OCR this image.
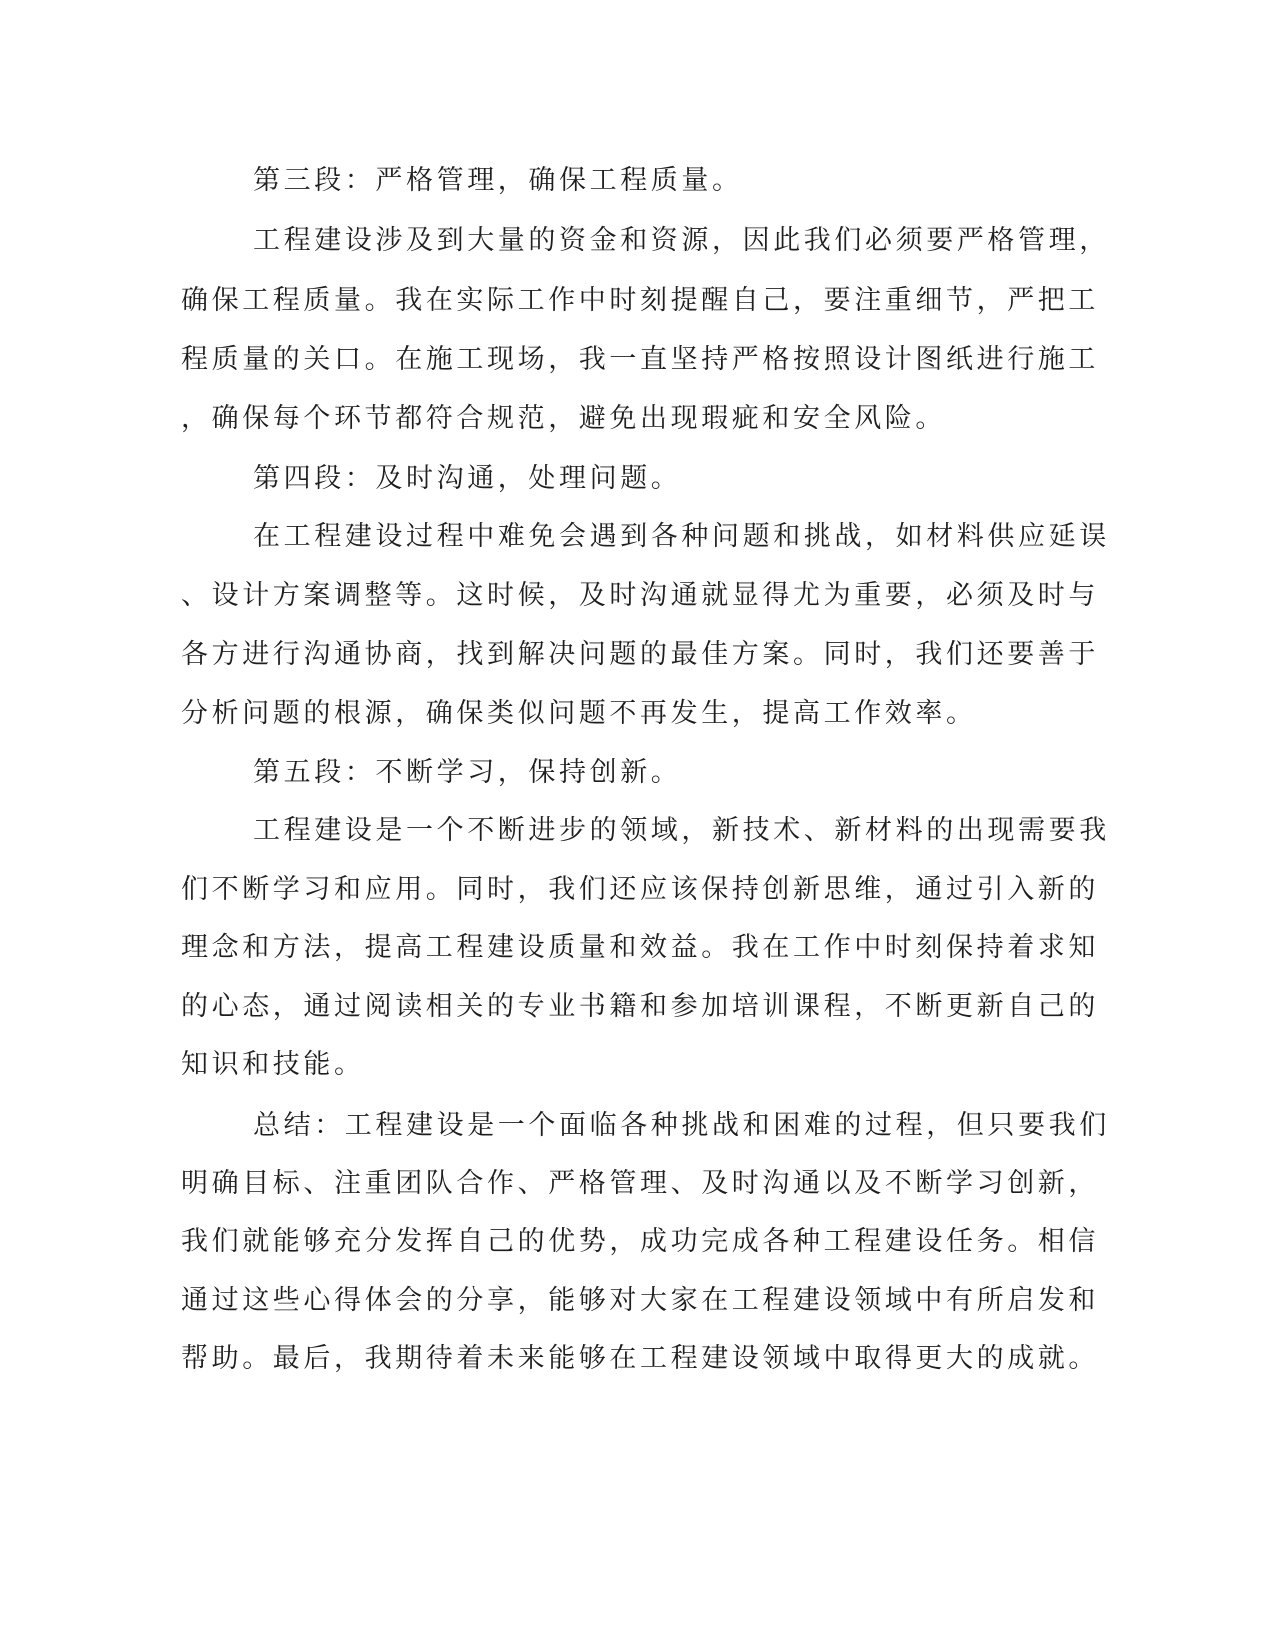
第三段：严格管理，确保工程质量。
工程建设涉及到大量的资金和资源，因此我们必须要严格管理，
确保工程质量。我在实际工作中时刻提醒自己，要注重细节，严把工
程质量的关口。在施工现场，我一直坚持严格按照设计图纸进行施工
，确保每个环节都符合规范，避免出现瑕疵和安全风险。
第四段：及时沟通，处理问题。
在工程建设过程中难免会遇到各种问题和挑战，如材料供应延误
、设计方案调整等。这时候，及时沟通就显得尤为重要，必须及时与
各方进行沟通协商，找到解决问题的最佳方案。同时，我们还要善于
分析问题的根源，确保类似问题不再发生，提高工作效率。
第五段：不断学习，保持创新。
工程建设是一个不断进步的领域，新技术、新材料的出现需要我
们不断学习和应用。同时，我们还应该保持创新思维，通过引入新的
理念和方法，提高工程建设质量和效益。我在工作中时刻保持着求知
的心态，通过阅读相关的专业书籍和参加培训课程，不断更新自己的
知识和技能。
总结：工程建设是一个面临各种挑战和困难的过程，但只要我们
明确目标、注重团队合作、严格管理、及时沟通以及不断学习创新，
我们就能够充分发挥自己的优势，成功完成各种工程建设任务。相信
通过这些心得体会的分享，能够对大家在工程建设领域中有所启发和
帮助。最后，我期待着未来能够在工程建设领域中取得更大的成就。
